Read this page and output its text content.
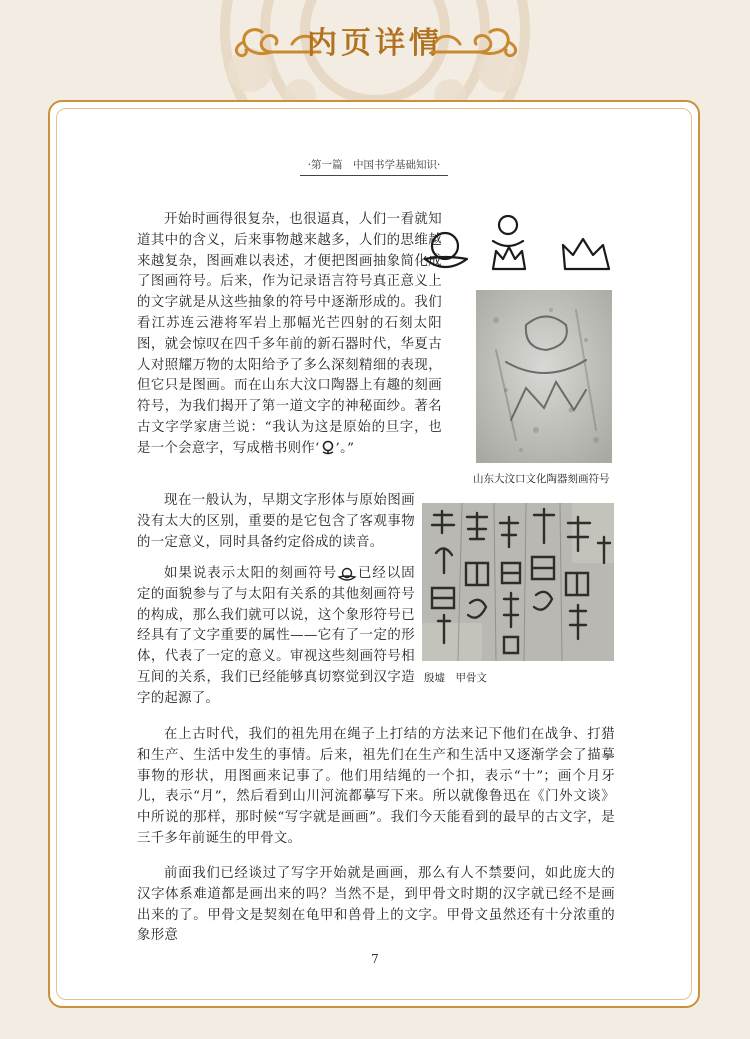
内页详情
·第一篇　中国书学基础知识·
开始时画得很复杂，也很逼真，人们一看就知道其中的含义，后来事物越来越多，人们的思维越来越复杂，图画难以表述，才便把图画抽象简化成了图画符号。后来，作为记录语言符号真正意义上的文字就是从这些抽象的符号中逐渐形成的。我们看江苏连云港将军岩上那幅光芒四射的石刻太阳图，就会惊叹在四千多年前的新石器时代，华夏古人对照耀万物的太阳给予了多么深刻精细的表现，但它只是图画。而在山东大汶口陶器上有趣的刻画符号，为我们揭开了第一道文字的神秘面纱。著名古文字学家唐兰说：“我认为这是原始的旦字，也是一个会意字，写成楷书则作‘ ’。”
山东大汶口文化陶器刻画符号
现在一般认为，早期文字形体与原始图画没有太大的区别，重要的是它包含了客观事物的一定意义，同时具备约定俗成的读音。
殷墟　甲骨文
如果说表示太阳的刻画符号 已经以固定的面貌参与了与太阳有关系的其他刻画符号的构成，那么我们就可以说，这个象形符号已经具有了文字重要的属性——它有了一定的形体，代表了一定的意义。审视这些刻画符号相互间的关系，我们已经能够真切察觉到汉字造字的起源了。
在上古时代，我们的祖先用在绳子上打结的方法来记下他们在战争、打猎和生产、生活中发生的事情。后来，祖先们在生产和生活中又逐渐学会了描摹事物的形状，用图画来记事了。他们用结绳的一个扣，表示“十”；画个月牙儿，表示“月”，然后看到山川河流都摹写下来。所以就像鲁迅在《门外文谈》中所说的那样，那时候“写字就是画画”。我们今天能看到的最早的古文字，是三千多年前诞生的甲骨文。
前面我们已经谈过了写字开始就是画画，那么有人不禁要问，如此庞大的汉字体系难道都是画出来的吗？当然不是，到甲骨文时期的汉字就已经不是画出来的了。甲骨文是契刻在龟甲和兽骨上的文字。甲骨文虽然还有十分浓重的象形意
7
